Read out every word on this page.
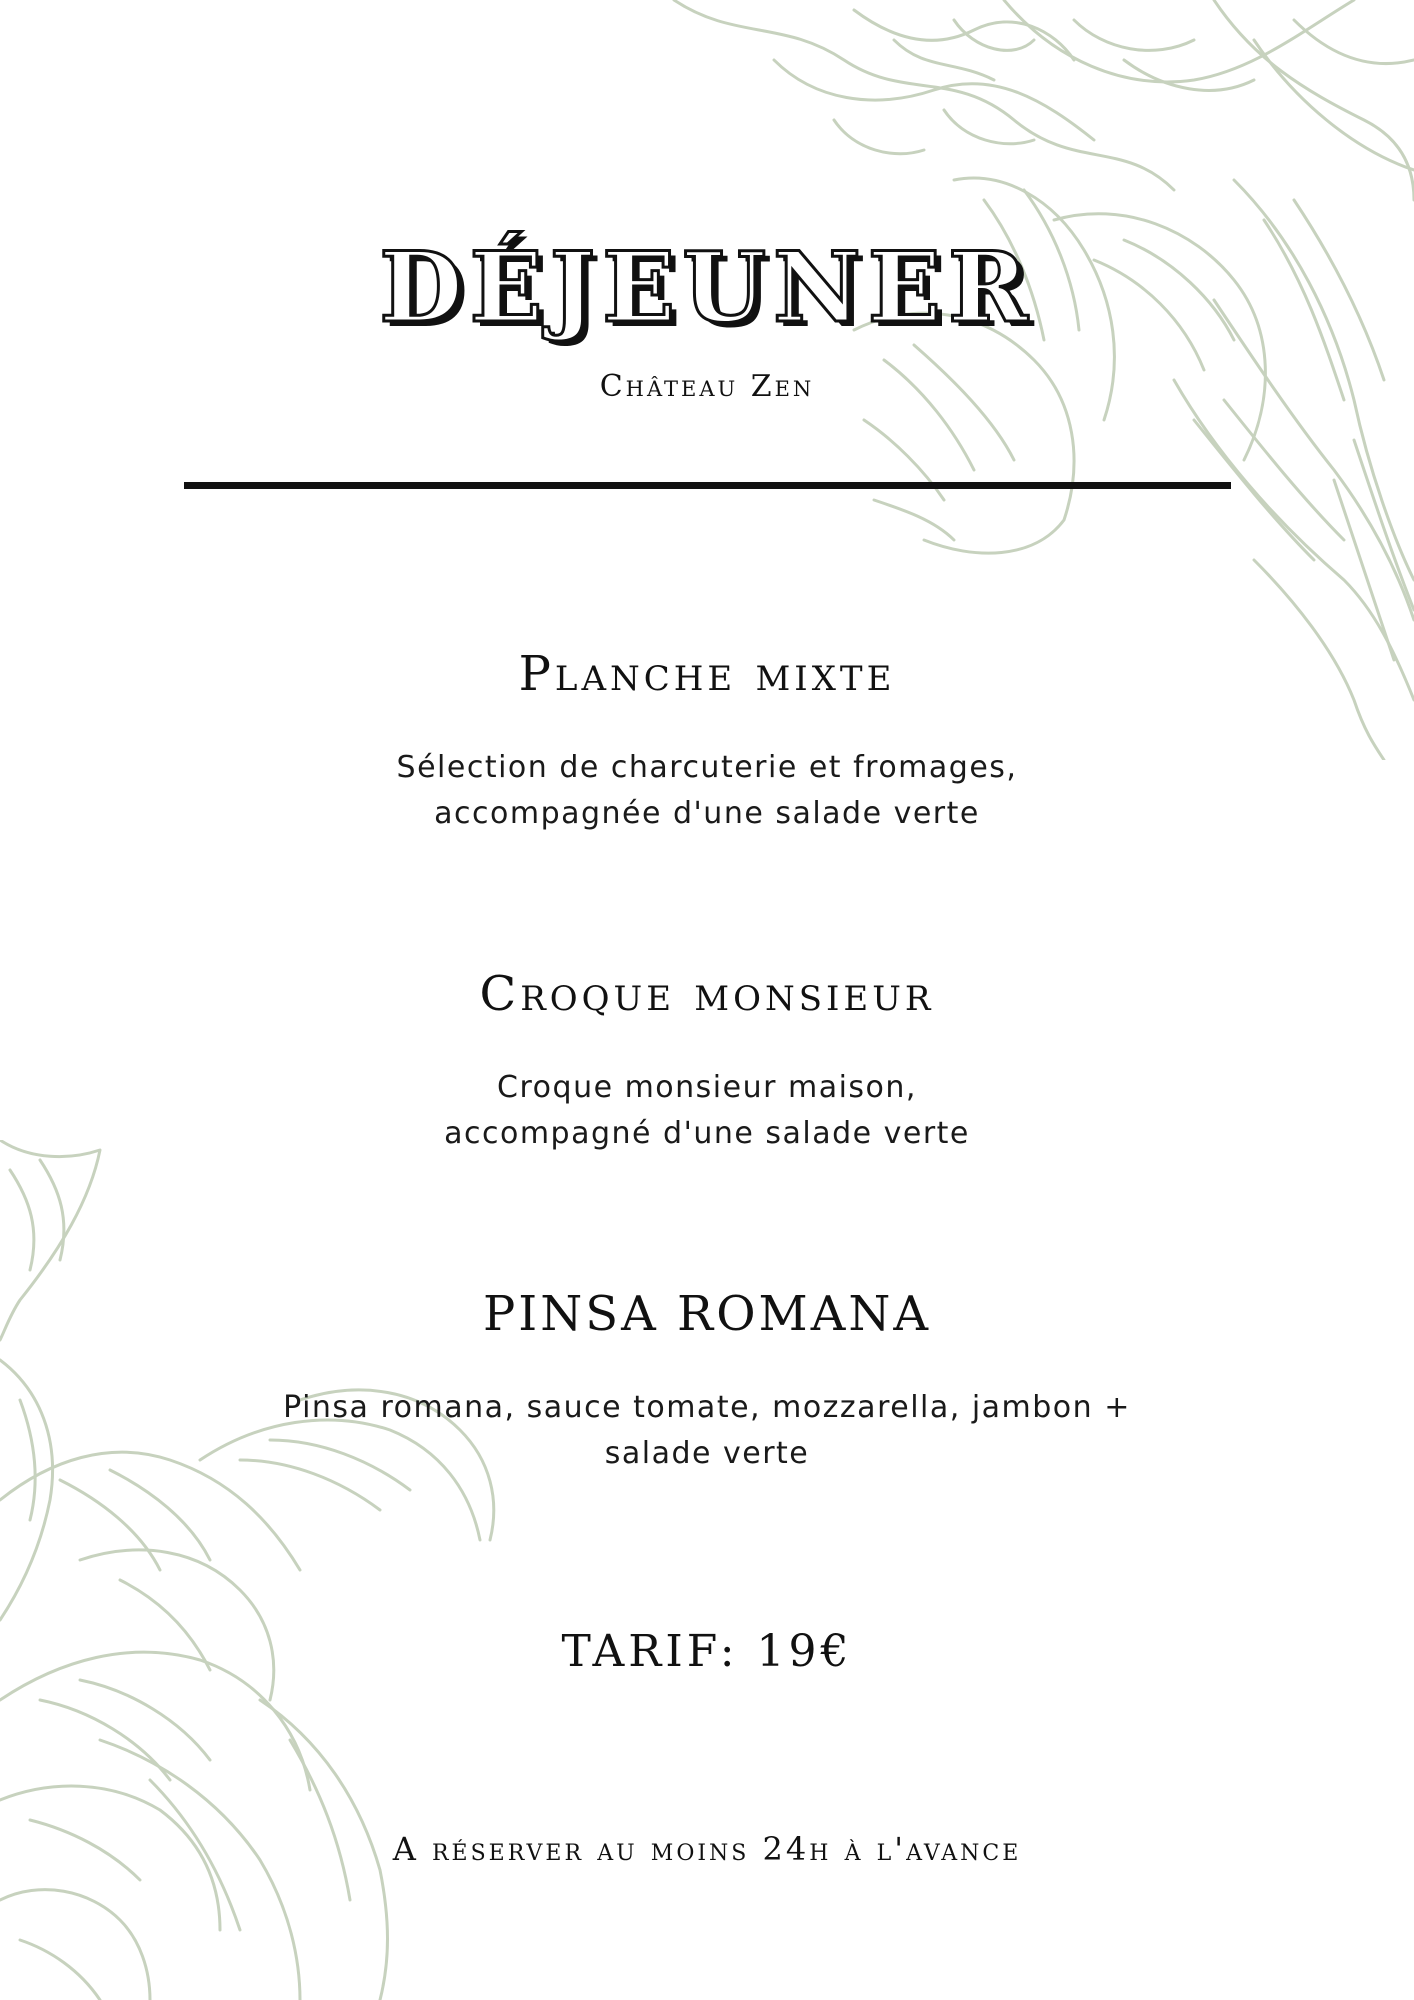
DÉJEUNER
Château Zen
Planche mixte
Sélection de charcuterie et fromages,
accompagnée d'une salade verte
Croque monsieur
Croque monsieur maison,
accompagné d'une salade verte
PINSA ROMANA
Pinsa romana, sauce tomate, mozzarella, jambon +
salade verte
TARIF: 19€
A réserver au moins 24h à l'avance
